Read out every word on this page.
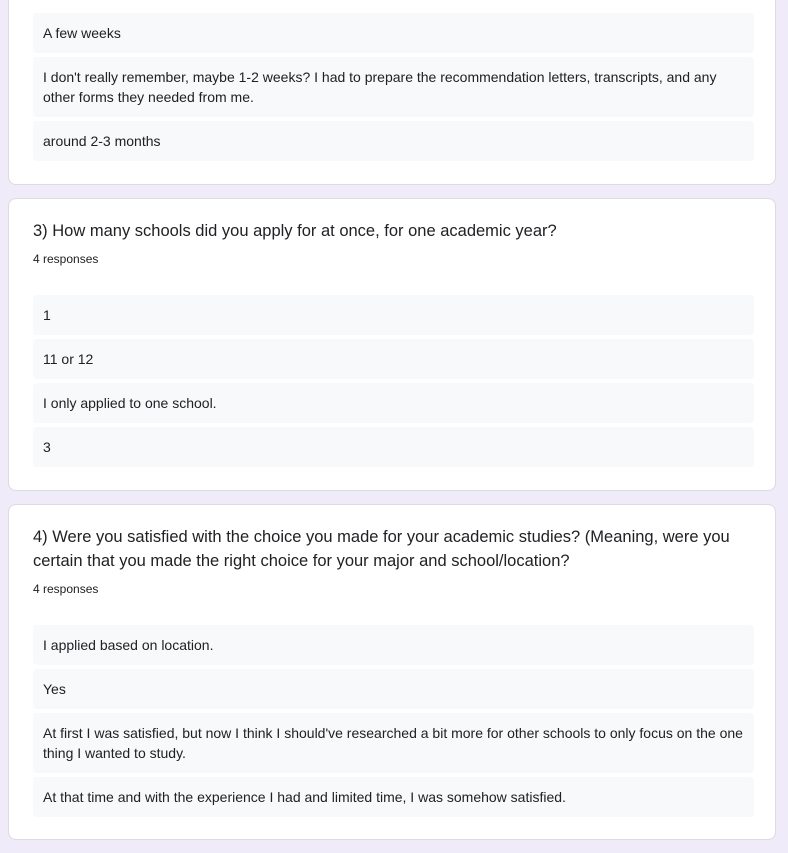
A few weeks
I don't really remember, maybe 1-2 weeks? I had to prepare the recommendation letters, transcripts, and any other forms they needed from me.
around 2-3 months
3) How many schools did you apply for at once, for one academic year?
4 responses
1
11 or 12
I only applied to one school.
3
4) Were you satisfied with the choice you made for your academic studies? (Meaning, were you certain that you made the right choice for your major and school/location?
4 responses
I applied based on location.
Yes
At first I was satisfied, but now I think I should've researched a bit more for other schools to only focus on the one thing I wanted to study.
At that time and with the experience I had and limited time, I was somehow satisfied.
